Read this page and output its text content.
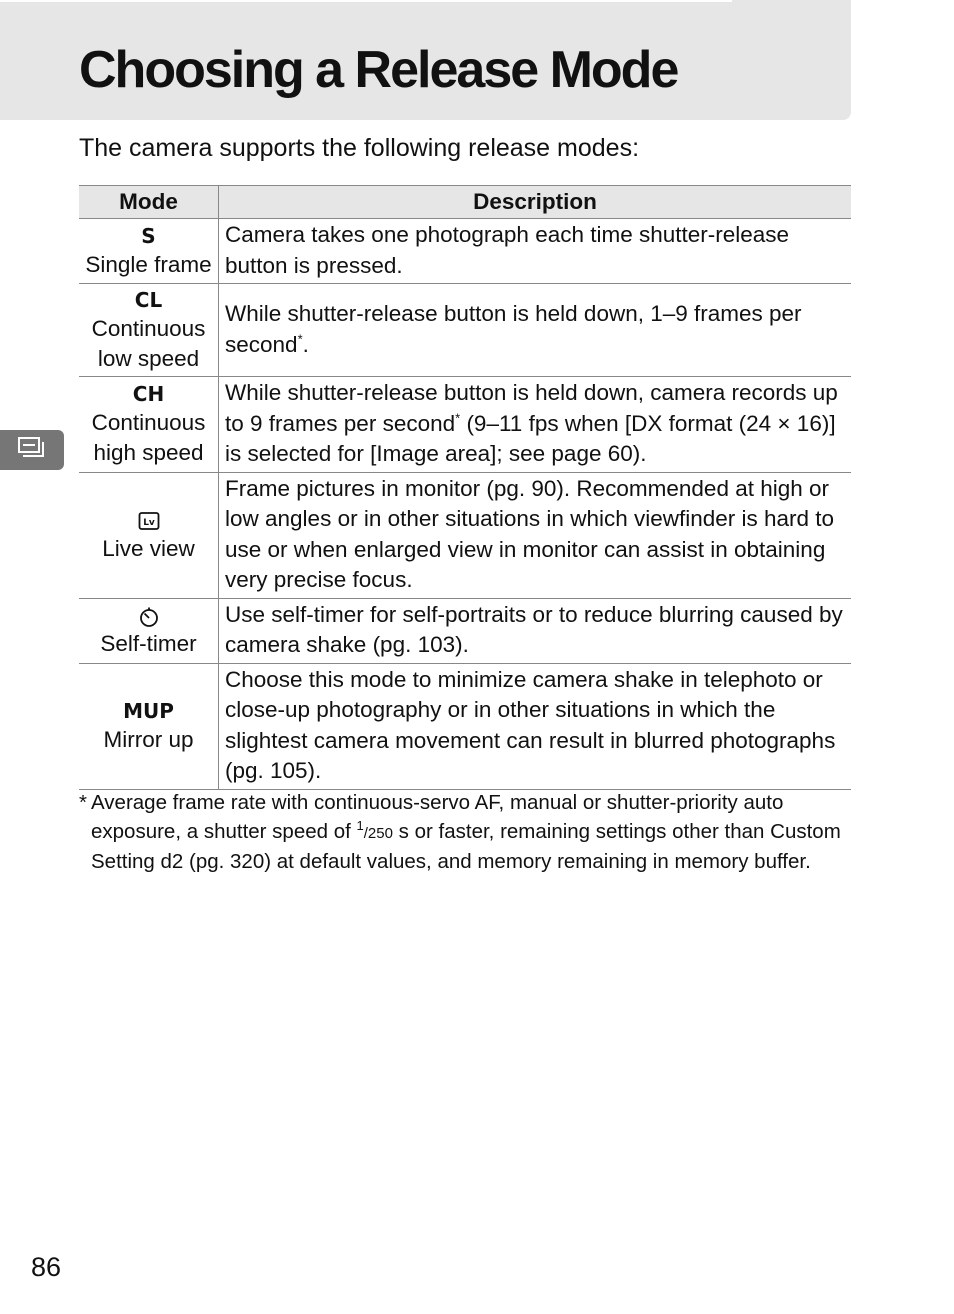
Choosing a Release Mode

The camera supports the following release modes:

Mode	Description

S
Single frame	Camera takes one photograph each time shutter-release button is pressed.

CL
Continuous
low speed	While shutter-release button is held down, 1–9 frames per second*.

CH
Continuous
high speed	While shutter-release button is held down, camera records up to 9 frames per second* (9–11 fps when [DX format (24 × 16)] is selected for [Image area]; see page 60).

Lv
Live view	Frame pictures in monitor (pg. 90). Recommended at high or low angles or in other situations in which viewfinder is hard to use or when enlarged view in monitor can assist in obtaining very precise focus.

Self-timer	Use self-timer for self-portraits or to reduce blurring caused by camera shake (pg. 103).

MUP
Mirror up	Choose this mode to minimize camera shake in telephoto or close-up photography or in other situations in which the slightest camera movement can result in blurred photographs (pg. 105).
* Average frame rate with continuous-servo AF, manual or shutter-priority auto exposure, a shutter speed of $^1$/250 s or faster, remaining settings other than Custom Setting d2 (pg. 320) at default values, and memory remaining in memory buffer.
86
